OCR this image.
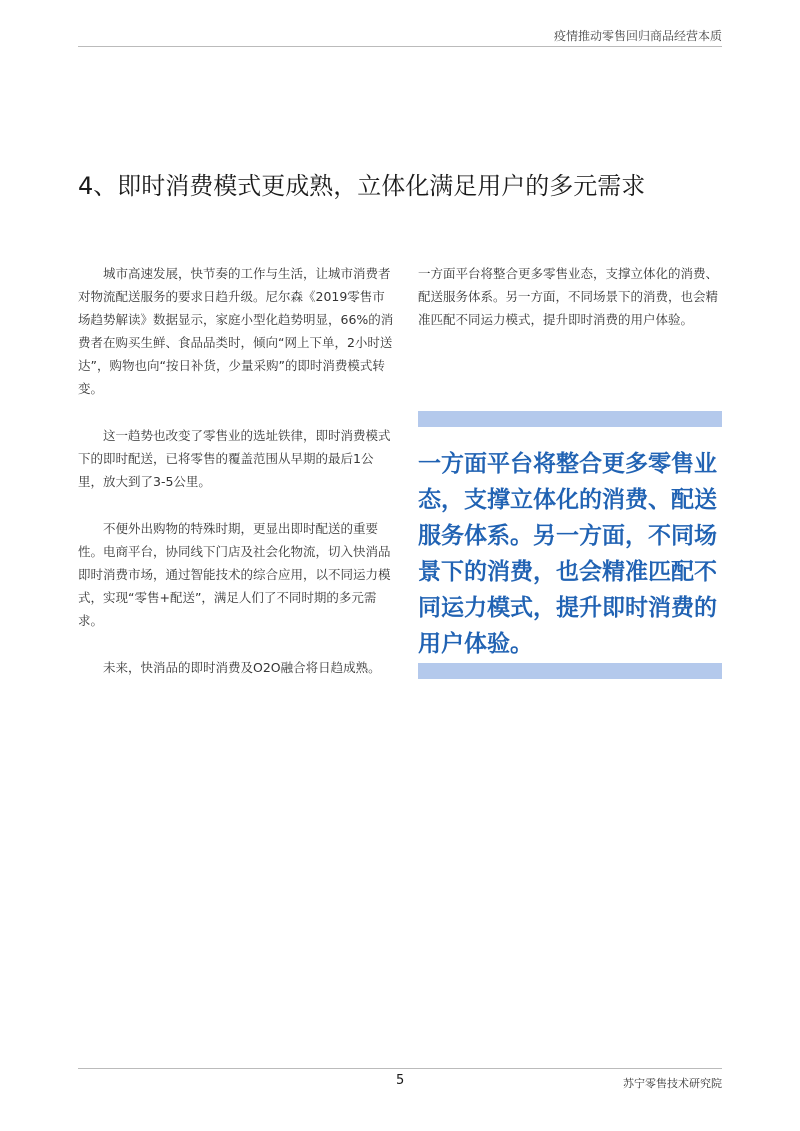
疫情推动零售回归商品经营本质
4、即时消费模式更成熟，立体化满足用户的多元需求

城市高速发展，快节奏的工作与生活，让城市消费者对物流配送服务的要求日趋升级。尼尔森《2019零售市场趋势解读》数据显示，家庭小型化趋势明显，66%的消费者在购买生鲜、食品品类时，倾向“网上下单，2小时送达”，购物也向“按日补货，少量采购”的即时消费模式转变。

这一趋势也改变了零售业的选址铁律，即时消费模式下的即时配送，已将零售的覆盖范围从早期的最后1公里，放大到了3-5公里。

不便外出购物的特殊时期，更显出即时配送的重要性。电商平台，协同线下门店及社会化物流，切入快消品即时消费市场，通过智能技术的综合应用，以不同运力模式，实现“零售+配送”，满足人们了不同时期的多元需求。

未来，快消品的即时消费及O2O融合将日趋成熟。

一方面平台将整合更多零售业态，支撑立体化的消费、配送服务体系。另一方面，不同场景下的消费，也会精准匹配不同运力模式，提升即时消费的用户体验。

一方面平台将整合更多零售业态，支撑立体化的消费、配送服务体系。另一方面，不同场景下的消费，也会精准匹配不同运力模式，提升即时消费的用户体验。

5	苏宁零售技术研究院
